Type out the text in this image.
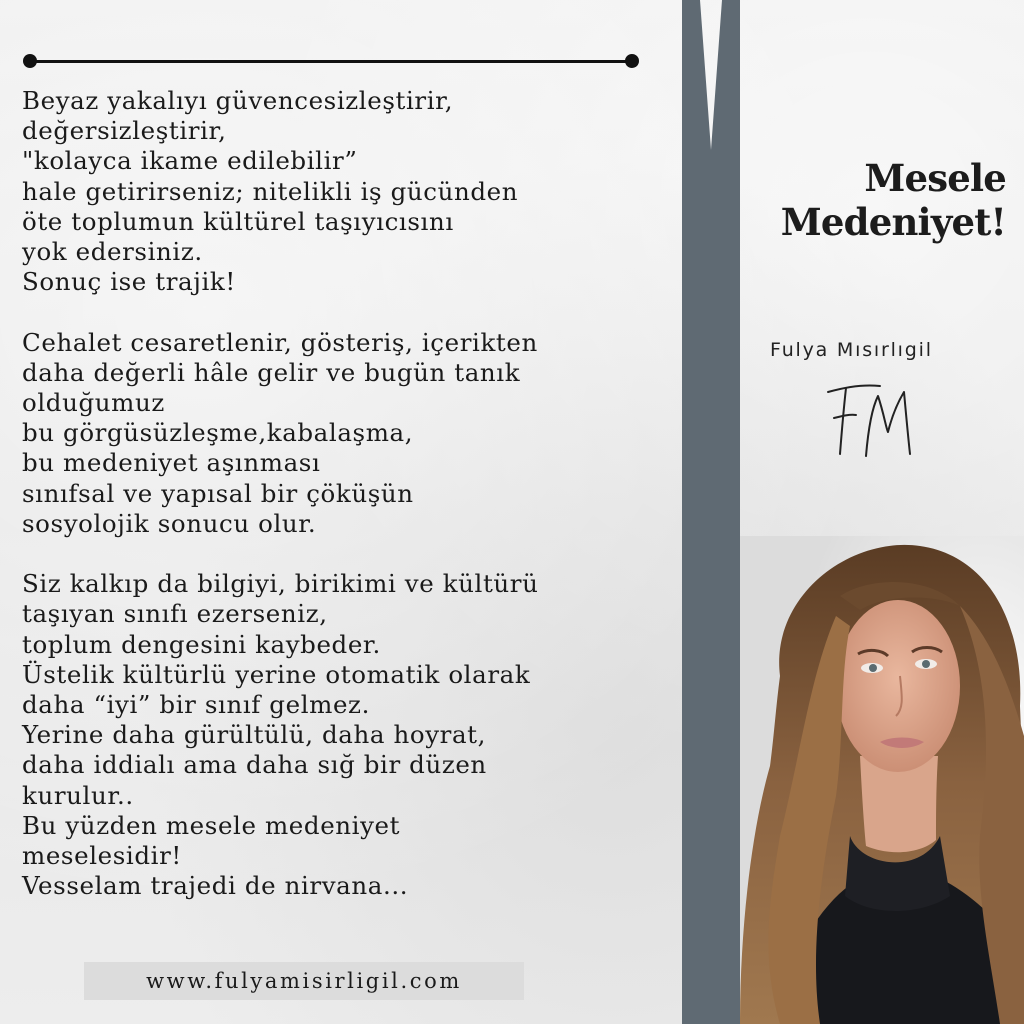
Beyaz yakalıyı güvencesizleştirir,
değersizleştirir,
"kolayca ikame edilebilir”
hale getirirseniz; nitelikli iş gücünden
öte toplumun kültürel taşıyıcısını
yok edersiniz.
Sonuç ise trajik!
Cehalet cesaretlenir, gösteriş, içerikten
daha değerli hâle gelir ve bugün tanık
olduğumuz
bu görgüsüzleşme,kabalaşma,
bu medeniyet aşınması
sınıfsal ve yapısal bir çöküşün
sosyolojik sonucu olur.
Siz kalkıp da bilgiyi, birikimi ve kültürü
taşıyan sınıfı ezerseniz,
toplum dengesini kaybeder.
Üstelik kültürlü yerine otomatik olarak
daha “iyi” bir sınıf gelmez.
Yerine daha gürültülü, daha hoyrat,
daha iddialı ama daha sığ bir düzen
kurulur..
Bu yüzden mesele medeniyet
meselesidir!
Vesselam trajedi de nirvana...
www.fulyamisirligil.com
Mesele
Medeniyet!
Fulya Mısırlıgil
